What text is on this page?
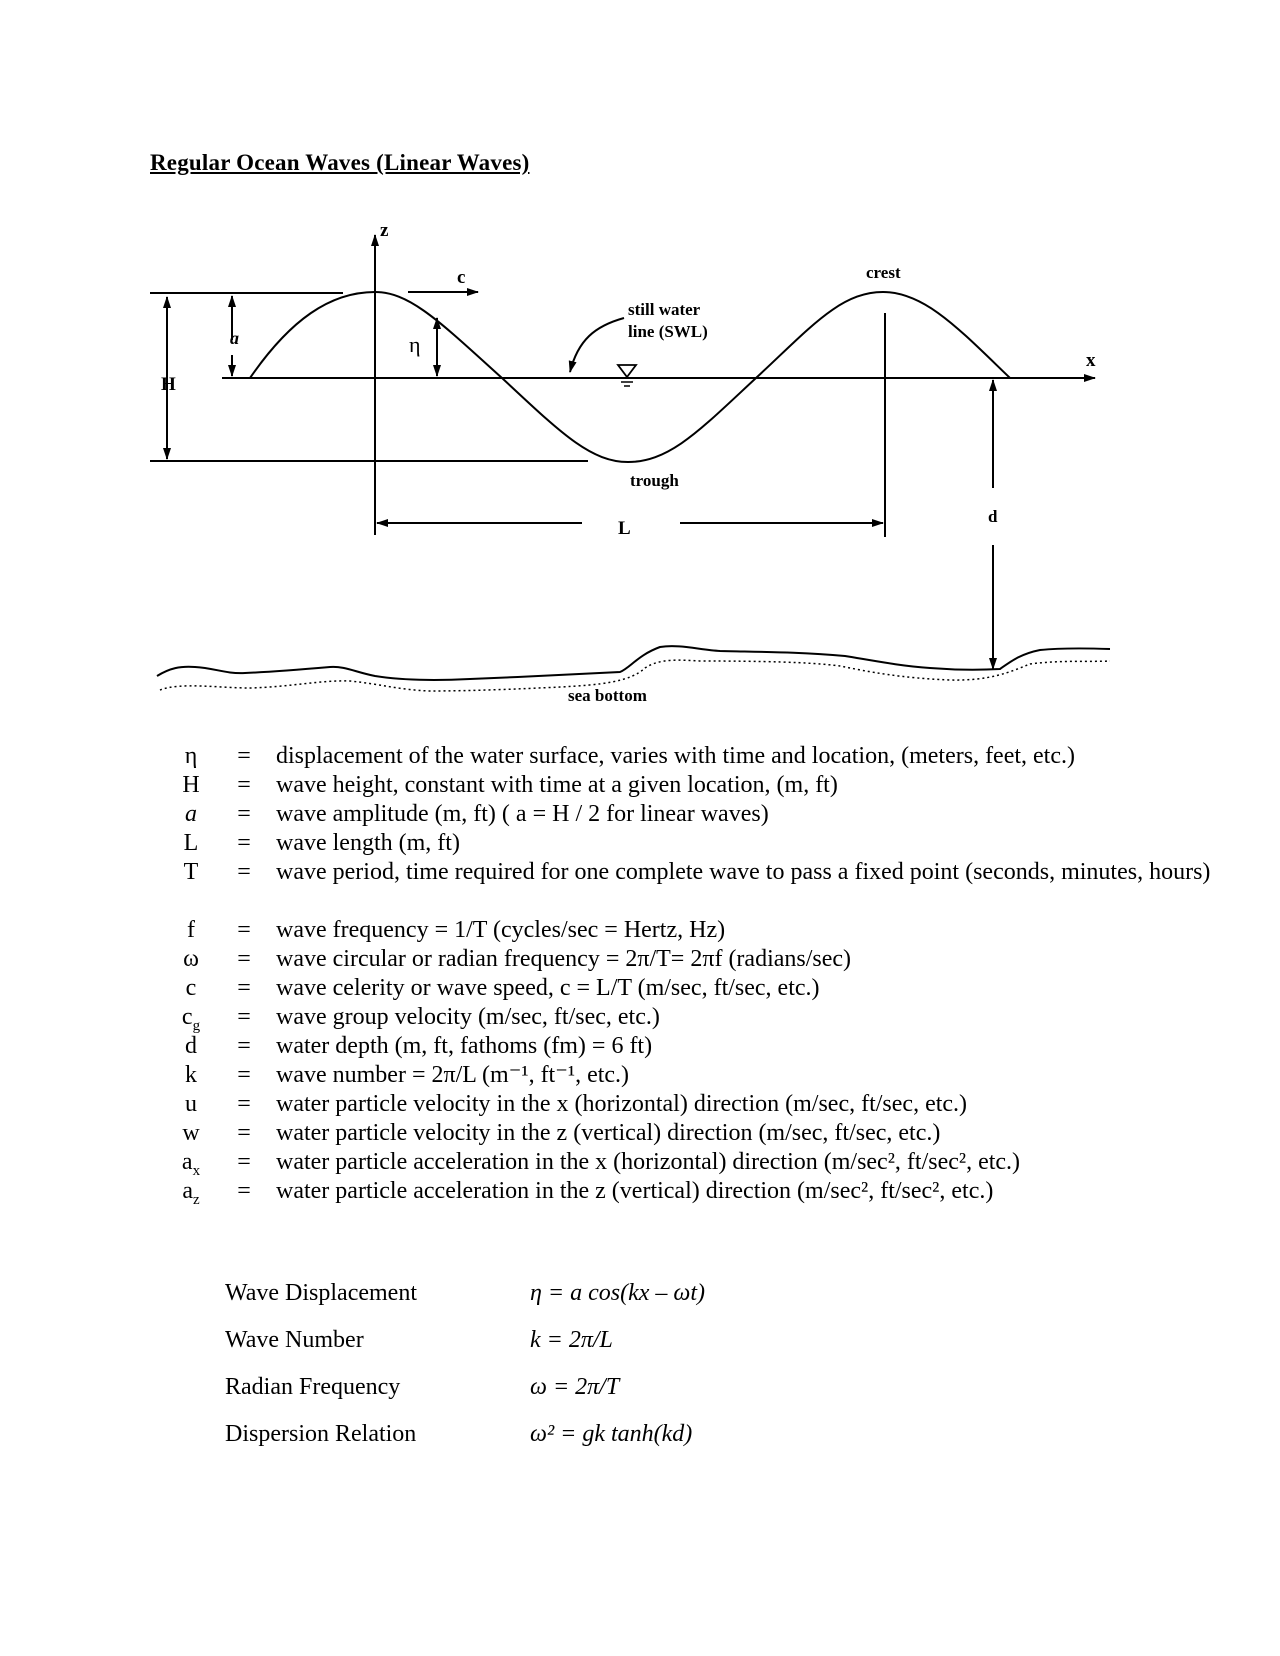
Regular Ocean Waves (Linear Waves)
H
a	η
c
z
x
still water
line (SWL)
crest
trough
L
d
sea bottom
η	=	displacement of the water surface, varies with time and location, (meters, feet, etc.)
H	=	wave height, constant with time at a given location, (m, ft)
a	=	wave amplitude (m, ft) ( a = H / 2 for linear waves)
L	=	wave length (m, ft)
T	=	wave period, time required for one complete wave to pass a fixed point (seconds, minutes, hours)
f	=	wave frequency = 1/T (cycles/sec = Hertz, Hz)
ω	=	wave circular or radian frequency = 2π/T= 2πf (radians/sec)
c	=	wave celerity or wave speed, c = L/T (m/sec, ft/sec, etc.)
$c_g$	=	wave group velocity (m/sec, ft/sec, etc.)
d	=	water depth (m, ft, fathoms (fm) = 6 ft)
k	=	wave number = 2π/L (m⁻¹, ft⁻¹, etc.)
u	=	water particle velocity in the x (horizontal) direction (m/sec, ft/sec, etc.)
w	=	water particle velocity in the z (vertical) direction (m/sec, ft/sec, etc.)
$a_x$	=	water particle acceleration in the x (horizontal) direction (m/sec², ft/sec², etc.)
$a_z$	=	water particle acceleration in the z (vertical) direction (m/sec², ft/sec², etc.)
Wave Displacement	η = a cos(kx – ωt)
Wave Number	k = 2π/L
Radian Frequency	ω = 2π/T
Dispersion Relation	ω² = gk tanh(kd)
